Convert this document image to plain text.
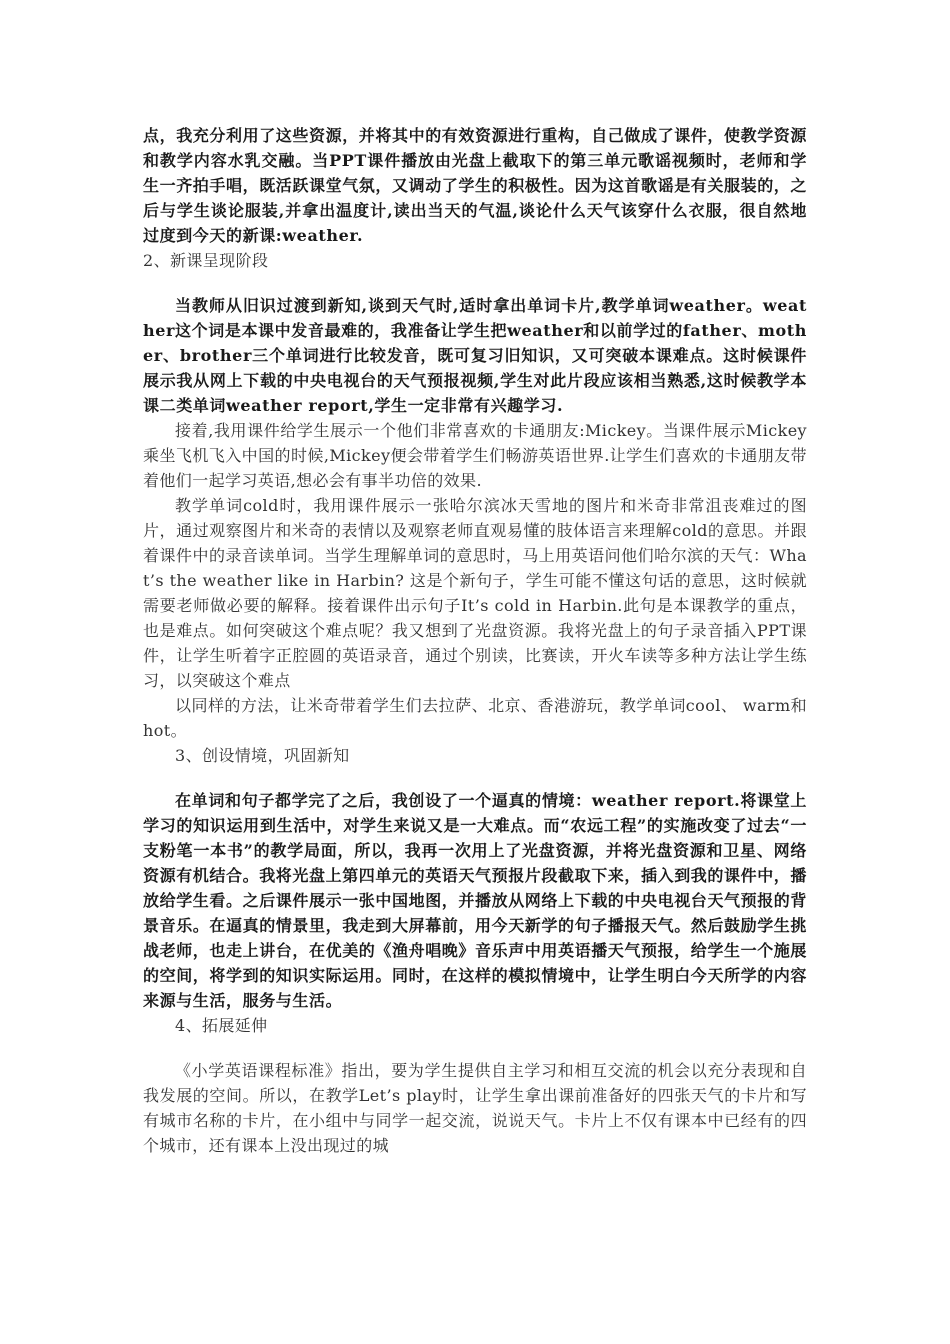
点，我充分利用了这些资源，并将其中的有效资源进行重构，自己做成了课件，使教学资源和教学内容水乳交融。当PPT课件播放由光盘上截取下的第三单元歌谣视频时，老师和学生一齐拍手唱，既活跃课堂气氛，又调动了学生的积极性。因为这首歌谣是有关服装的，之后与学生谈论服装,并拿出温度计,读出当天的气温,谈论什么天气该穿什么衣服，很自然地过度到今天的新课:weather.

2、新课呈现阶段

当教师从旧识过渡到新知,谈到天气时,适时拿出单词卡片,教学单词weather。weather这个词是本课中发音最难的，我准备让学生把weather和以前学过的father、mother、brother三个单词进行比较发音，既可复习旧知识，又可突破本课难点。这时候课件展示我从网上下载的中央电视台的天气预报视频,学生对此片段应该相当熟悉,这时候教学本课二类单词weather report,学生一定非常有兴趣学习.

接着,我用课件给学生展示一个他们非常喜欢的卡通朋友:Mickey。当课件展示Mickey乘坐飞机飞入中国的时候,Mickey便会带着学生们畅游英语世界.让学生们喜欢的卡通朋友带着他们一起学习英语,想必会有事半功倍的效果.

教学单词cold时，我用课件展示一张哈尔滨冰天雪地的图片和米奇非常沮丧难过的图片，通过观察图片和米奇的表情以及观察老师直观易懂的肢体语言来理解cold的意思。并跟着课件中的录音读单词。当学生理解单词的意思时，马上用英语问他们哈尔滨的天气：What’s the weather like in Harbin? 这是个新句子，学生可能不懂这句话的意思，这时候就需要老师做必要的解释。接着课件出示句子It’s cold in Harbin.此句是本课教学的重点，也是难点。如何突破这个难点呢？我又想到了光盘资源。我将光盘上的句子录音插入PPT课件，让学生听着字正腔圆的英语录音，通过个别读，比赛读，开火车读等多种方法让学生练习，以突破这个难点

以同样的方法，让米奇带着学生们去拉萨、北京、香港游玩，教学单词cool、 warm和hot。

3、创设情境，巩固新知

在单词和句子都学完了之后，我创设了一个逼真的情境：weather report.将课堂上学习的知识运用到生活中，对学生来说又是一大难点。而“农远工程”的实施改变了过去“一支粉笔一本书”的教学局面，所以，我再一次用上了光盘资源，并将光盘资源和卫星、网络资源有机结合。我将光盘上第四单元的英语天气预报片段截取下来，插入到我的课件中，播放给学生看。之后课件展示一张中国地图，并播放从网络上下载的中央电视台天气预报的背景音乐。在逼真的情景里，我走到大屏幕前，用今天新学的句子播报天气。然后鼓励学生挑战老师，也走上讲台，在优美的《渔舟唱晚》音乐声中用英语播天气预报，给学生一个施展的空间，将学到的知识实际运用。同时，在这样的模拟情境中，让学生明白今天所学的内容来源与生活，服务与生活。

4、拓展延伸

《小学英语课程标准》指出，要为学生提供自主学习和相互交流的机会以充分表现和自我发展的空间。所以，在教学Let’s play时，让学生拿出课前准备好的四张天气的卡片和写有城市名称的卡片，在小组中与同学一起交流，说说天气。卡片上不仅有课本中已经有的四个城市，还有课本上没出现过的城
